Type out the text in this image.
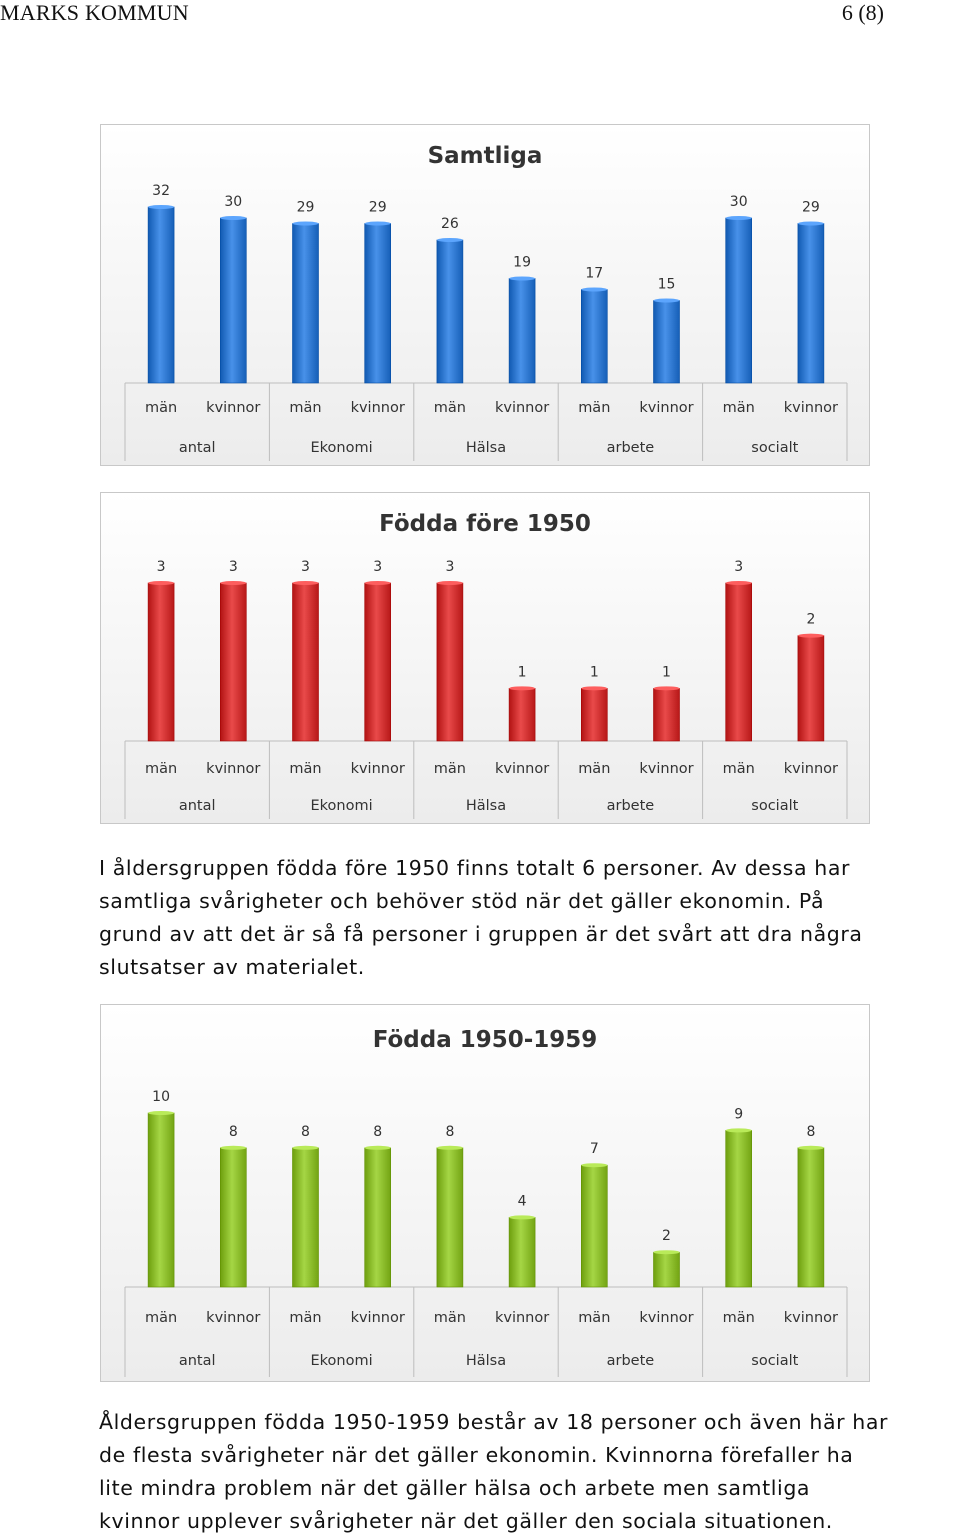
MARKS KOMMUN	6 (8)
Samtliga
32
män
30
kvinnor
29
män
29
kvinnor
26
män
19
kvinnor
17
män
15
kvinnor
30
män
29
kvinnor
antal	Ekonomi	Hälsa	arbete	socialt
Födda före 1950
3
män
3
kvinnor
3
män
3
kvinnor
3
män
1
kvinnor
1
män
1
kvinnor
3
män
2
kvinnor
antal	Ekonomi	Hälsa	arbete	socialt

I åldersgruppen födda före 1950 finns totalt 6 personer. Av dessa har
samtliga svårigheter och behöver stöd när det gäller ekonomin. På
grund av att det är så få personer i gruppen är det svårt att dra några
slutsatser av materialet.

Födda 1950-1959
10
män
8
kvinnor
8
män
8
kvinnor
8
män
4
kvinnor
7
män
2
kvinnor
9
män
8
kvinnor
antal	Ekonomi	Hälsa	arbete	socialt

Åldersgruppen födda 1950-1959 består av 18 personer och även här har
de flesta svårigheter när det gäller ekonomin. Kvinnorna förefaller ha
lite mindra problem när det gäller hälsa och arbete men samtliga
kvinnor upplever svårigheter när det gäller den sociala situationen.
